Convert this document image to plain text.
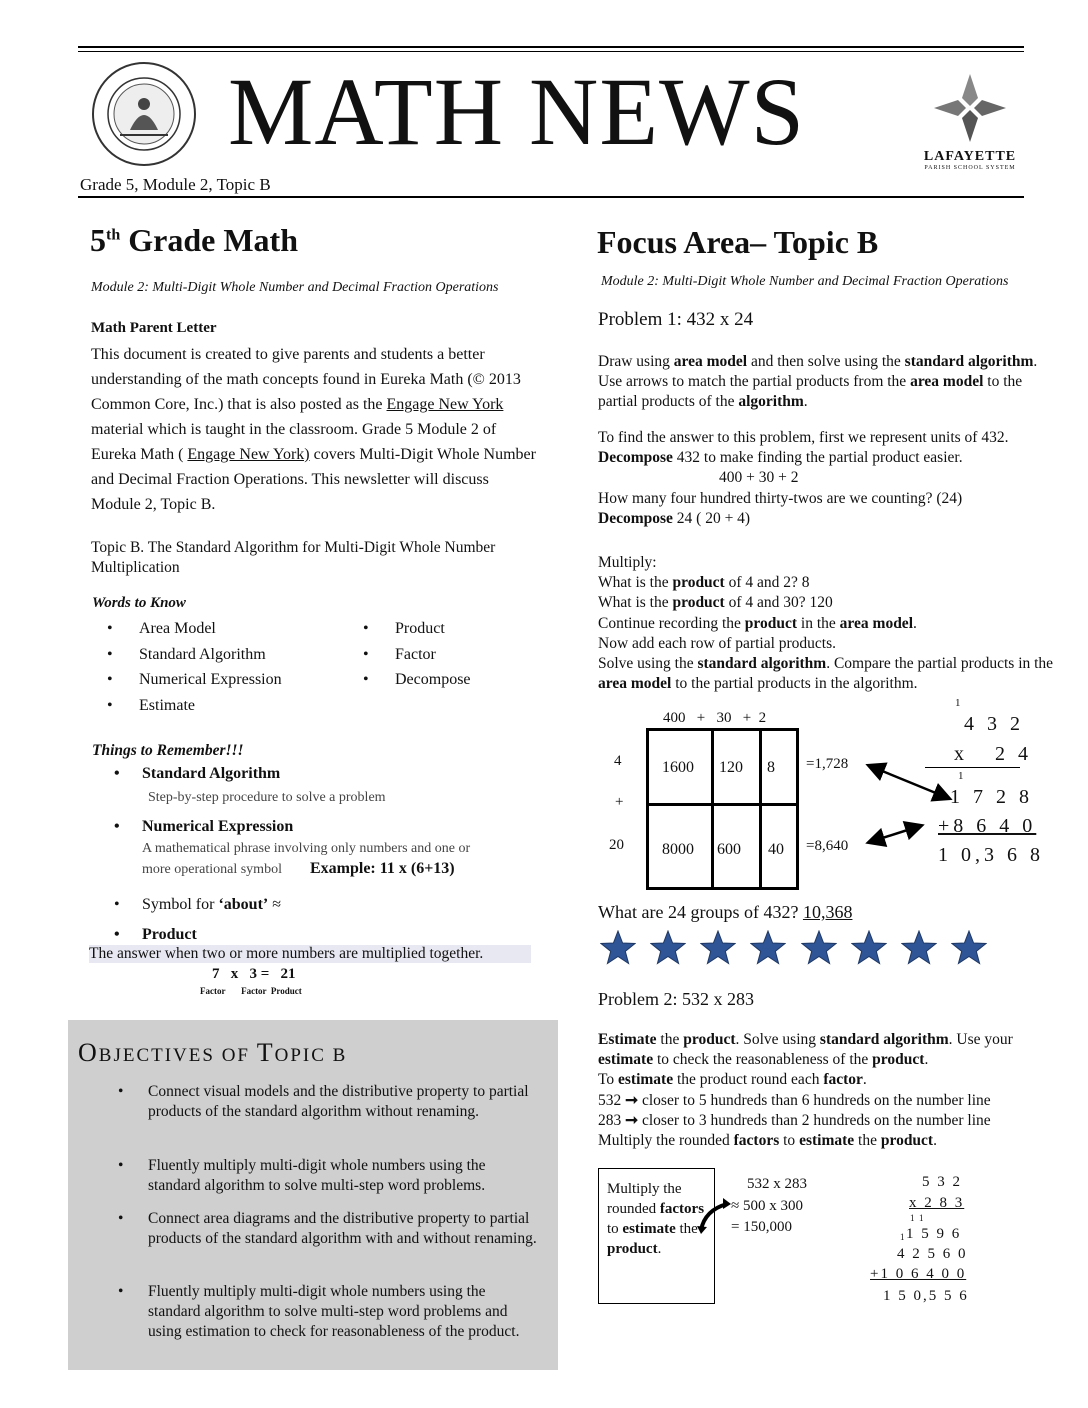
MATH NEWS
Grade 5, Module 2, Topic B
LAFAYETTE
PARISH SCHOOL SYSTEM
5th Grade Math
Module 2: Multi-Digit Whole Number and Decimal Fraction Operations
Math Parent Letter
This document is created to give parents and students a better understanding of the math concepts found in Eureka Math (© 2013 Common Core, Inc.) that is also posted as the Engage New York material which is taught in the classroom. Grade 5 Module 2 of Eureka Math ( Engage New York) covers Multi-Digit Whole Number and Decimal Fraction Operations. This newsletter will discuss Module 2, Topic B.
Topic B. The Standard Algorithm for Multi-Digit Whole Number Multiplication
Words to Know
• Area Model
• Standard Algorithm
• Numerical Expression
• Estimate
• Product
• Factor
• Decompose
Things to Remember!!!
• Standard Algorithm
Step-by-step procedure to solve a problem
• Numerical Expression
A mathematical phrase involving only numbers and one or
more operational symbol Example: 11 x (6+13)
• Symbol for ‘about’ ≈
• Product
The answer when two or more numbers are multiplied together.
7   x   3 =   21
Factor       Factor  Product
OBJECTIVES OF TOPIC B
• Connect visual models and the distributive property to partial products of the standard algorithm without renaming.
• Fluently multiply multi-digit whole numbers using the standard algorithm to solve multi-step word problems.
• Connect area diagrams and the distributive property to partial products of the standard algorithm with and without renaming.
• Fluently multiply multi-digit whole numbers using the standard algorithm to solve multi-step word problems and using estimation to check for reasonableness of the product.
Focus Area– Topic B
Module 2: Multi-Digit Whole Number and Decimal Fraction Operations
Problem 1: 432 x 24
Draw using area model and then solve using the standard algorithm. Use arrows to match the partial products from the area model to the partial products of the algorithm.
To find the answer to this problem, first we represent units of 432.
Decompose 432 to make finding the partial product easier.
400 + 30 + 2
How many four hundred thirty-twos are we counting? (24)
Decompose 24 ( 20 + 4)
Multiply:
What is the product of 4 and 2? 8
What is the product of 4 and 30? 120
Continue recording the product in the area model.
Now add each row of partial products.
Solve using the standard algorithm. Compare the partial products in the area model to the partial products in the algorithm.
400   +   30   +  2
4
+
20
1600 120 8
8000 600 40
=1,728
=8,640
1
4 3 2
x   2 4
1
1 7 2 8
+8 6 4 0
1 0,3 6 8
What are 24 groups of 432? 10,368
Problem 2: 532 x 283
Estimate the product. Solve using standard algorithm. Use your estimate to check the reasonableness of the product.
To estimate the product round each factor.
532 ➞ closer to 5 hundreds than 6 hundreds on the number line
283 ➞ closer to 3 hundreds than 2 hundreds on the number line
Multiply the rounded factors to estimate the product.
Multiply the rounded factors to estimate the product.
532 x 283
≈ 500 x 300
= 150,000
5 3 2
x 2 8 3
1  1
1 1 5 9 6
4 2 5 6 0
+1 0 6 4 0 0
1 5 0,5 5 6
